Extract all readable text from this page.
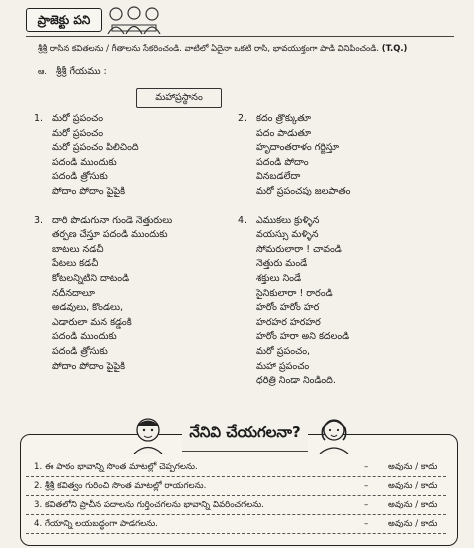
ప్రాజెక్టు పని
శ్రీశ్రీ రాసిన కవితలను / గీతాలను సేకరించండి. వాటిలో ఏదైనా ఒకటి రాసి, భావయుక్తంగా పాడి వినిపించండి. (T.Q.)
ఆ. శ్రీశ్రీ గేయము :
మహాప్రస్థానం
1. మరో ప్రపంచం
మరో ప్రపంచం
మరో ప్రపంచం పిలిచింది
పదండి ముందుకు
పదండి త్రోసుకు
పోదాం పోదాం పైపైకి
3. దారి పొడుగునా గుండె నెత్తురులు
తర్పణ చేస్తూ పదండి ముందుకు
బాటలు నడచీ
పేటలు కడచీ
కోటలన్నిటిని దాటండి
నదీనదాలూ
అడవులు, కొండలు,
ఎడారులా మన కడ్డంకి
పదండి ముందుకు
పదండి త్రోసుకు
పోదాం పోదాం పైపైకి
2. కదం త్రొక్కుతూ
పదం పాడుతూ
హృదాంతరాళం గర్జిస్తూ
పదండి పోదాం
వినబడలేదా
మరో ప్రపంచపు జలపాతం
4. ఎముకలు క్రుళ్ళిన
వయస్సు మళ్ళిన
సోమరులారా ! చావండి
నెత్తురు మండే
శక్తులు నిండే
సైనికులారా ! రారండి
హరోం హరోం హర
హరహర హరహర
హరోం హరా అని కదలండి
మరో ప్రపంచం,
మహా ప్రపంచం
ధరిత్రి నిండా నిండింది.
నేనివి చేయగలనా?
1. ఈ పాఠం భావాన్ని సొంత మాటల్లో చెప్పగలను.	– అవును / కాదు
2. శ్రీశ్రీ కవిత్వం గురించి సొంత మాటల్లో రాయగలను.	– అవును / కాదు
3. కవితలోని ప్రాచీన పదాలను గుర్తించగలను భావాన్ని వివరించగలను.	– అవును / కాదు
4. గేయాన్ని లయబద్ధంగా పాడగలను.	– అవును / కాదు
